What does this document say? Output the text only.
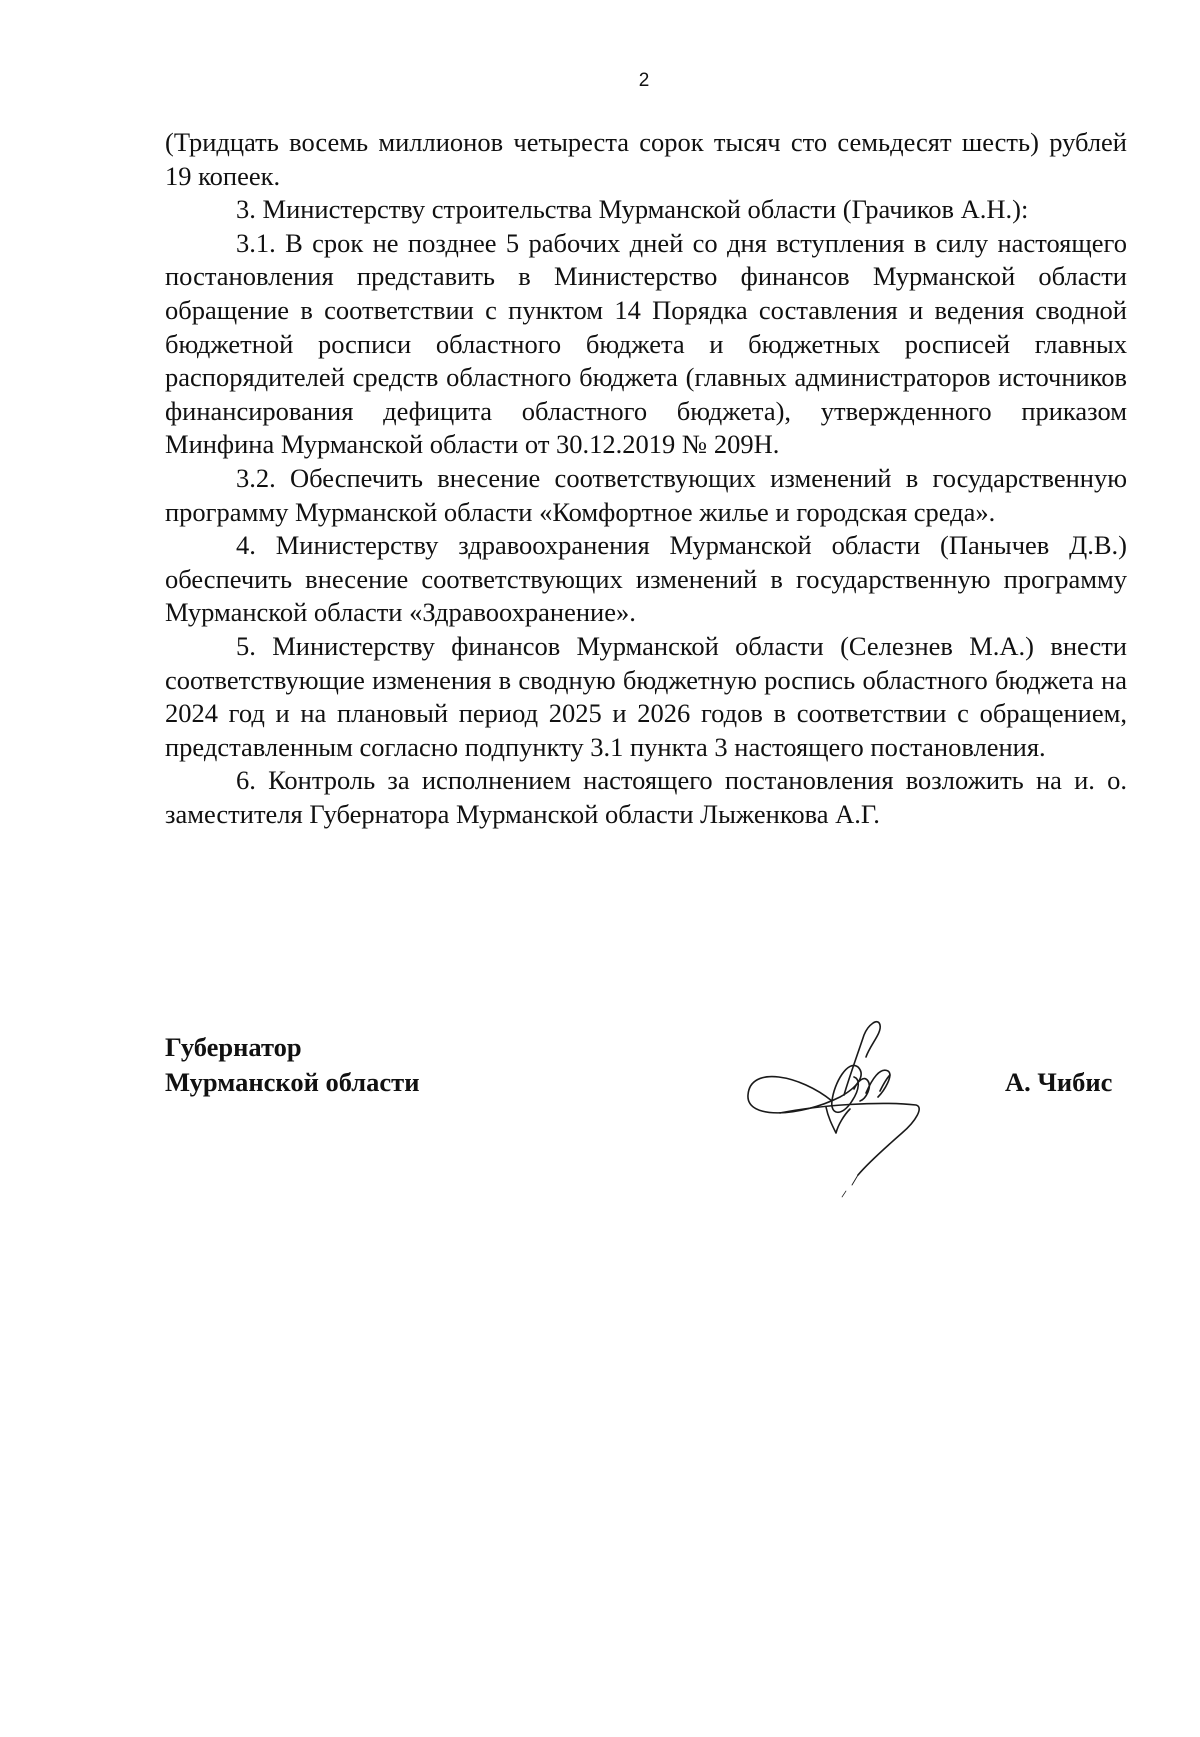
2

(Тридцать восемь миллионов четыреста сорок тысяч сто семьдесят шесть) рублей 19 копеек.

3. Министерству строительства Мурманской области (Грачиков А.Н.):

3.1. В срок не позднее 5 рабочих дней со дня вступления в силу настоящего постановления представить в Министерство финансов Мурманской области обращение в соответствии с пунктом 14 Порядка составления и ведения сводной бюджетной росписи областного бюджета и бюджетных росписей главных распорядителей средств областного бюджета (главных администраторов источников финансирования дефицита областного бюджета), утвержденного приказом Минфина Мурманской области от 30.12.2019 № 209Н.

3.2. Обеспечить внесение соответствующих изменений в государственную программу Мурманской области «Комфортное жилье и городская среда».

4. Министерству здравоохранения Мурманской области (Панычев Д.В.) обеспечить внесение соответствующих изменений в государственную программу Мурманской области «Здравоохранение».

5. Министерству финансов Мурманской области (Селезнев М.А.) внести соответствующие изменения в сводную бюджетную роспись областного бюджета на 2024 год и на плановый период 2025 и 2026 годов в соответствии с обращением, представленным согласно подпункту 3.1 пункта 3 настоящего постановления.

6. Контроль за исполнением настоящего постановления возложить на и. о. заместителя Губернатора Мурманской области Лыженкова А.Г.

Губернатор
Мурманской области	А. Чибис
